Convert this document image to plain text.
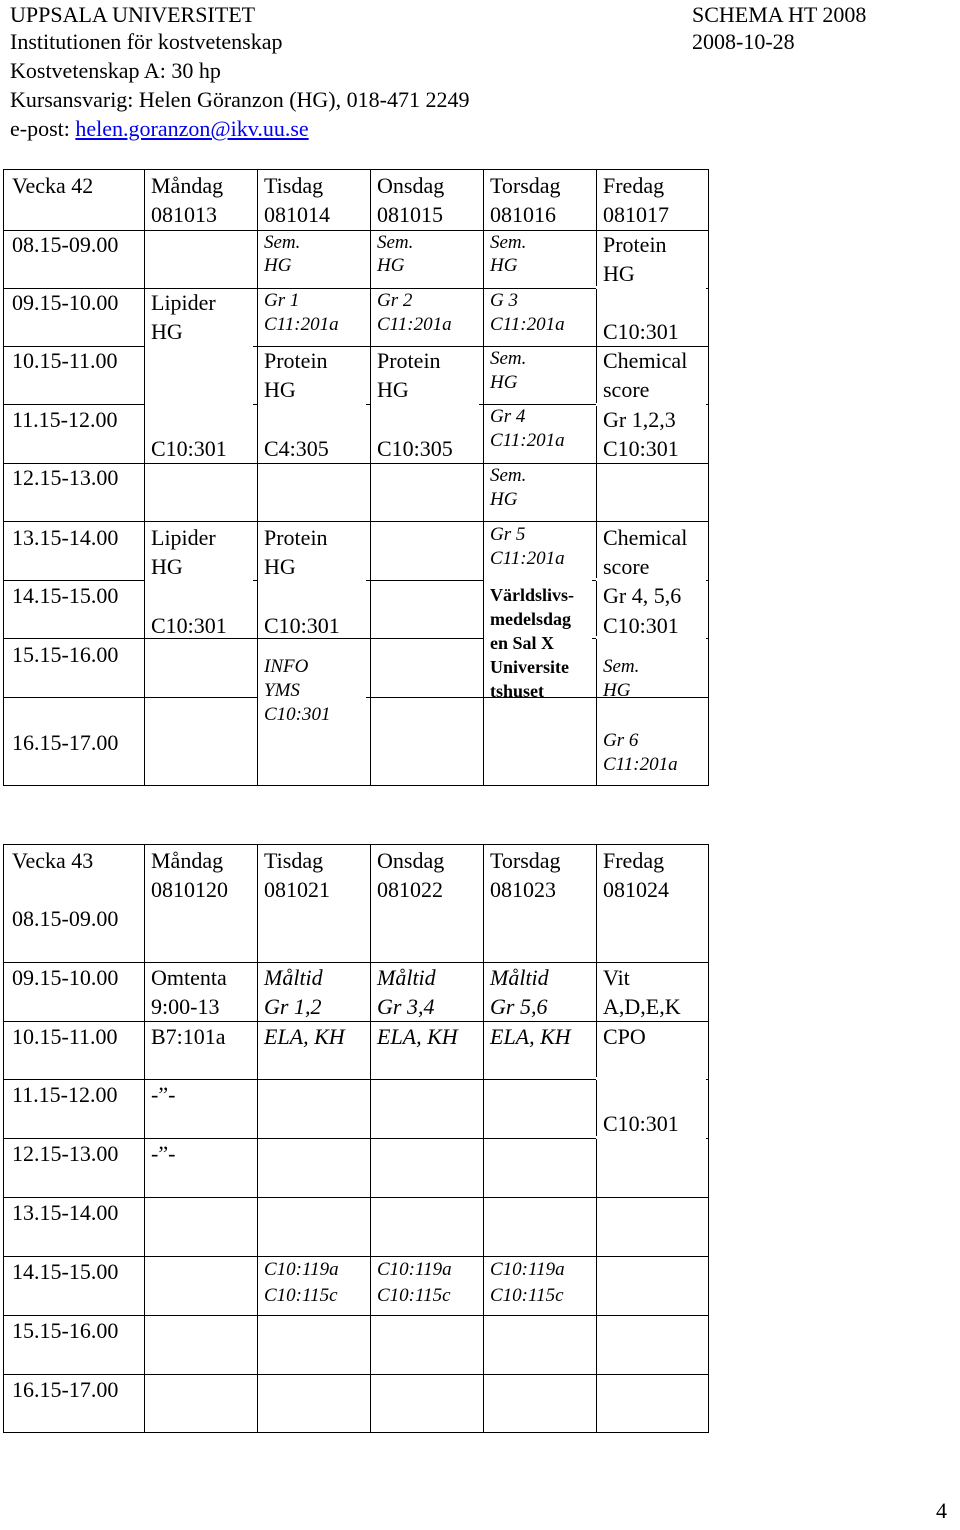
UPPSALA UNIVERSITET
Institutionen för kostvetenskap
Kostvetenskap A: 30 hp
Kursansvarig: Helen Göranzon (HG), 018-471 2249
e-post: helen.goranzon@ikv.uu.se
SCHEMA HT 2008
2008-10-28
Vecka 42	Måndag
081013
Tisdag
081014
Onsdag
081015
Torsdag
081016
Fredag
081017
08.15-09.00
09.15-10.00
10.15-11.00
11.15-12.00
12.15-13.00
13.15-14.00
14.15-15.00
15.15-16.00
16.15-17.00
Lipider
HG
C10:301
Lipider
HG
C10:301
Sem.
HG
Gr 1
C11:201a
Protein
HG
C4:305
Protein
HG
C10:301
INFO
YMS
C10:301
Sem.
HG
Gr 2
C11:201a
Protein
HG
C10:305
Sem.
HG
G 3
C11:201a
Sem.
HG
Gr 4
C11:201a
Sem.
HG
Gr 5
C11:201a
Världslivs-
medelsdag
en Sal X
Universite
tshuset
Protein
HG
C10:301
Chemical
score
Gr 1,2,3
C10:301
Chemical
score
Gr 4, 5,6
C10:301
Sem.
HG
Gr 6
C11:201a
Vecka 43	Måndag
0810120
Tisdag
081021
Onsdag
081022
Torsdag
081023
Fredag
081024
08.15-09.00
09.15-10.00
10.15-11.00
11.15-12.00
12.15-13.00
13.15-14.00
14.15-15.00
15.15-16.00
16.15-17.00
Omtenta
9:00-13
B7:101a
-”-
-”-
Måltid
Gr 1,2
ELA, KH
C10:119a
C10:115c
Måltid
Gr 3,4
ELA, KH
C10:119a
C10:115c
Måltid
Gr 5,6
ELA, KH
C10:119a
C10:115c
Vit
A,D,E,K
CPO
C10:301
4
